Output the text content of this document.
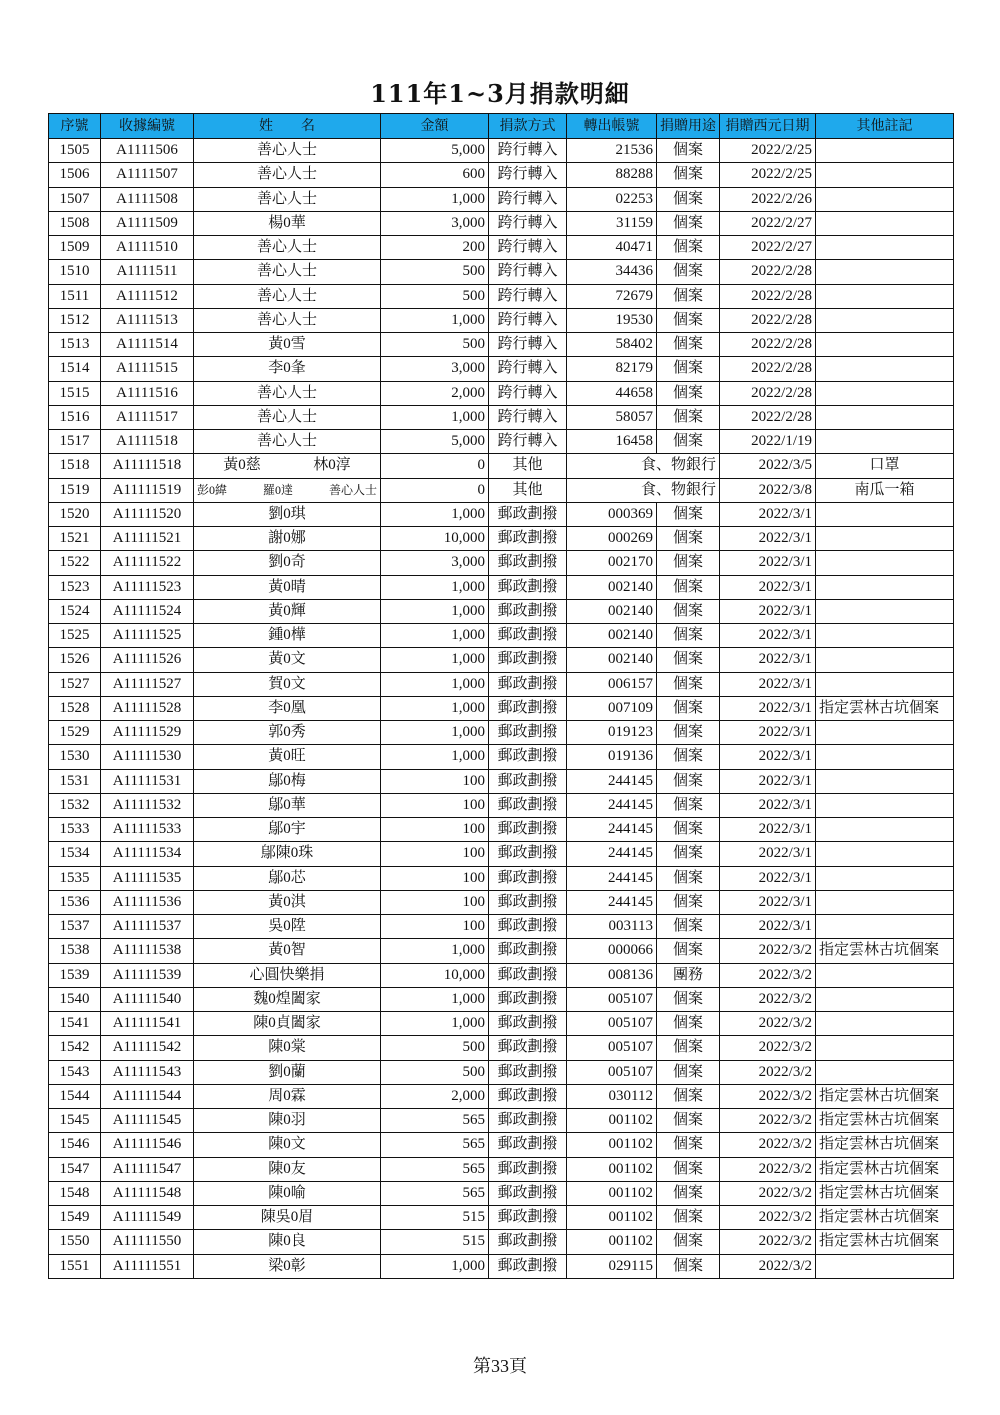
111年1~3月捐款明細
序號	收據編號	姓　　名	金額	捐款方式	轉出帳號	捐贈用途	捐贈西元日期	其他註記
1505	A1111506	善心人士	5,000	跨行轉入	21536	個案	2022/2/25	
1506	A1111507	善心人士	600	跨行轉入	88288	個案	2022/2/25	
1507	A1111508	善心人士	1,000	跨行轉入	02253	個案	2022/2/26	
1508	A1111509	楊0華	3,000	跨行轉入	31159	個案	2022/2/27	
1509	A1111510	善心人士	200	跨行轉入	40471	個案	2022/2/27	
1510	A1111511	善心人士	500	跨行轉入	34436	個案	2022/2/28	
1511	A1111512	善心人士	500	跨行轉入	72679	個案	2022/2/28	
1512	A1111513	善心人士	1,000	跨行轉入	19530	個案	2022/2/28	
1513	A1111514	黃0雪	500	跨行轉入	58402	個案	2022/2/28	
1514	A1111515	李0夆	3,000	跨行轉入	82179	個案	2022/2/28	
1515	A1111516	善心人士	2,000	跨行轉入	44658	個案	2022/2/28	
1516	A1111517	善心人士	1,000	跨行轉入	58057	個案	2022/2/28	
1517	A1111518	善心人士	5,000	跨行轉入	16458	個案	2022/1/19	
1518	A11111518	黃0慈 林0淳	0	其他	食、物銀行		2022/3/5	口罩
1519	A11111519	彭0緯 羅0達 善心人士	0	其他	食、物銀行		2022/3/8	南瓜一箱
1520	A11111520	劉0琪	1,000	郵政劃撥	000369	個案	2022/3/1	
1521	A11111521	謝0娜	10,000	郵政劃撥	000269	個案	2022/3/1	
1522	A11111522	劉0奇	3,000	郵政劃撥	002170	個案	2022/3/1	
1523	A11111523	黃0晴	1,000	郵政劃撥	002140	個案	2022/3/1	
1524	A11111524	黃0輝	1,000	郵政劃撥	002140	個案	2022/3/1	
1525	A11111525	鍾0樺	1,000	郵政劃撥	002140	個案	2022/3/1	
1526	A11111526	黃0文	1,000	郵政劃撥	002140	個案	2022/3/1	
1527	A11111527	賀0文	1,000	郵政劃撥	006157	個案	2022/3/1	
1528	A11111528	李0凰	1,000	郵政劃撥	007109	個案	2022/3/1	指定雲林古坑個案
1529	A11111529	郭0秀	1,000	郵政劃撥	019123	個案	2022/3/1	
1530	A11111530	黃0旺	1,000	郵政劃撥	019136	個案	2022/3/1	
1531	A11111531	鄔0梅	100	郵政劃撥	244145	個案	2022/3/1	
1532	A11111532	鄔0華	100	郵政劃撥	244145	個案	2022/3/1	
1533	A11111533	鄔0宇	100	郵政劃撥	244145	個案	2022/3/1	
1534	A11111534	鄔陳0珠	100	郵政劃撥	244145	個案	2022/3/1	
1535	A11111535	鄔0芯	100	郵政劃撥	244145	個案	2022/3/1	
1536	A11111536	黃0淇	100	郵政劃撥	244145	個案	2022/3/1	
1537	A11111537	吳0陞	100	郵政劃撥	003113	個案	2022/3/1	
1538	A11111538	黃0智	1,000	郵政劃撥	000066	個案	2022/3/2	指定雲林古坑個案
1539	A11111539	心圓快樂捐	10,000	郵政劃撥	008136	團務	2022/3/2	
1540	A11111540	魏0煌闔家	1,000	郵政劃撥	005107	個案	2022/3/2	
1541	A11111541	陳0貞闔家	1,000	郵政劃撥	005107	個案	2022/3/2	
1542	A11111542	陳0棠	500	郵政劃撥	005107	個案	2022/3/2	
1543	A11111543	劉0蘭	500	郵政劃撥	005107	個案	2022/3/2	
1544	A11111544	周0霖	2,000	郵政劃撥	030112	個案	2022/3/2	指定雲林古坑個案
1545	A11111545	陳0羽	565	郵政劃撥	001102	個案	2022/3/2	指定雲林古坑個案
1546	A11111546	陳0文	565	郵政劃撥	001102	個案	2022/3/2	指定雲林古坑個案
1547	A11111547	陳0友	565	郵政劃撥	001102	個案	2022/3/2	指定雲林古坑個案
1548	A11111548	陳0喻	565	郵政劃撥	001102	個案	2022/3/2	指定雲林古坑個案
1549	A11111549	陳吳0眉	515	郵政劃撥	001102	個案	2022/3/2	指定雲林古坑個案
1550	A11111550	陳0良	515	郵政劃撥	001102	個案	2022/3/2	指定雲林古坑個案
1551	A11111551	梁0彰	1,000	郵政劃撥	029115	個案	2022/3/2	
第33頁
